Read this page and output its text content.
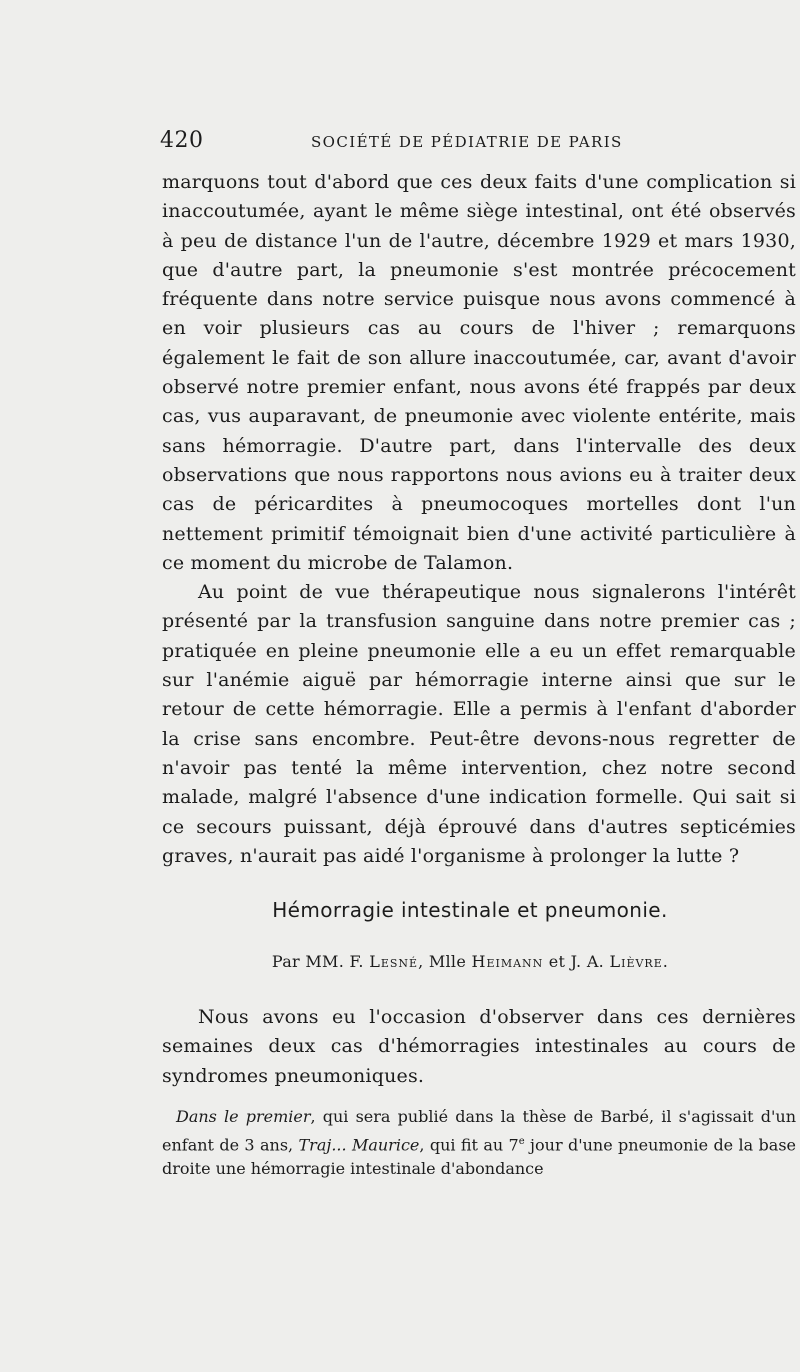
420	SOCIÉTÉ DE PÉDIATRIE DE PARIS

marquons tout d'abord que ces deux faits d'une complication si inaccoutumée, ayant le même siège intestinal, ont été observés à peu de distance l'un de l'autre, décembre 1929 et mars 1930, que d'autre part, la pneumonie s'est montrée précocement fréquente dans notre service puisque nous avons commencé à en voir plusieurs cas au cours de l'hiver ; remarquons également le fait de son allure inaccoutumée, car, avant d'avoir observé notre premier enfant, nous avons été frappés par deux cas, vus auparavant, de pneumonie avec violente entérite, mais sans hémorragie. D'autre part, dans l'intervalle des deux observations que nous rapportons nous avions eu à traiter deux cas de péricardites à pneumocoques mortelles dont l'un nettement primitif témoignait bien d'une activité particulière à ce moment du microbe de Talamon.

Au point de vue thérapeutique nous signalerons l'intérêt présenté par la transfusion sanguine dans notre premier cas ; pratiquée en pleine pneumonie elle a eu un effet remarquable sur l'anémie aiguë par hémorragie interne ainsi que sur le retour de cette hémorragie. Elle a permis à l'enfant d'aborder la crise sans encombre. Peut-être devons-nous regretter de n'avoir pas tenté la même intervention, chez notre second malade, malgré l'absence d'une indication formelle. Qui sait si ce secours puissant, déjà éprouvé dans d'autres septicémies graves, n'aurait pas aidé l'organisme à prolonger la lutte ?

Hémorragie intestinale et pneumonie.
Par MM. F. Lesné, Mlle Heimann et J. A. Lièvre.

Nous avons eu l'occasion d'observer dans ces dernières semaines deux cas d'hémorragies intestinales au cours de syndromes pneumoniques.

Dans le premier, qui sera publié dans la thèse de Barbé, il s'agissait d'un enfant de 3 ans, Traj... Maurice, qui fit au 7e jour d'une pneumonie de la base droite une hémorragie intestinale d'abondance
